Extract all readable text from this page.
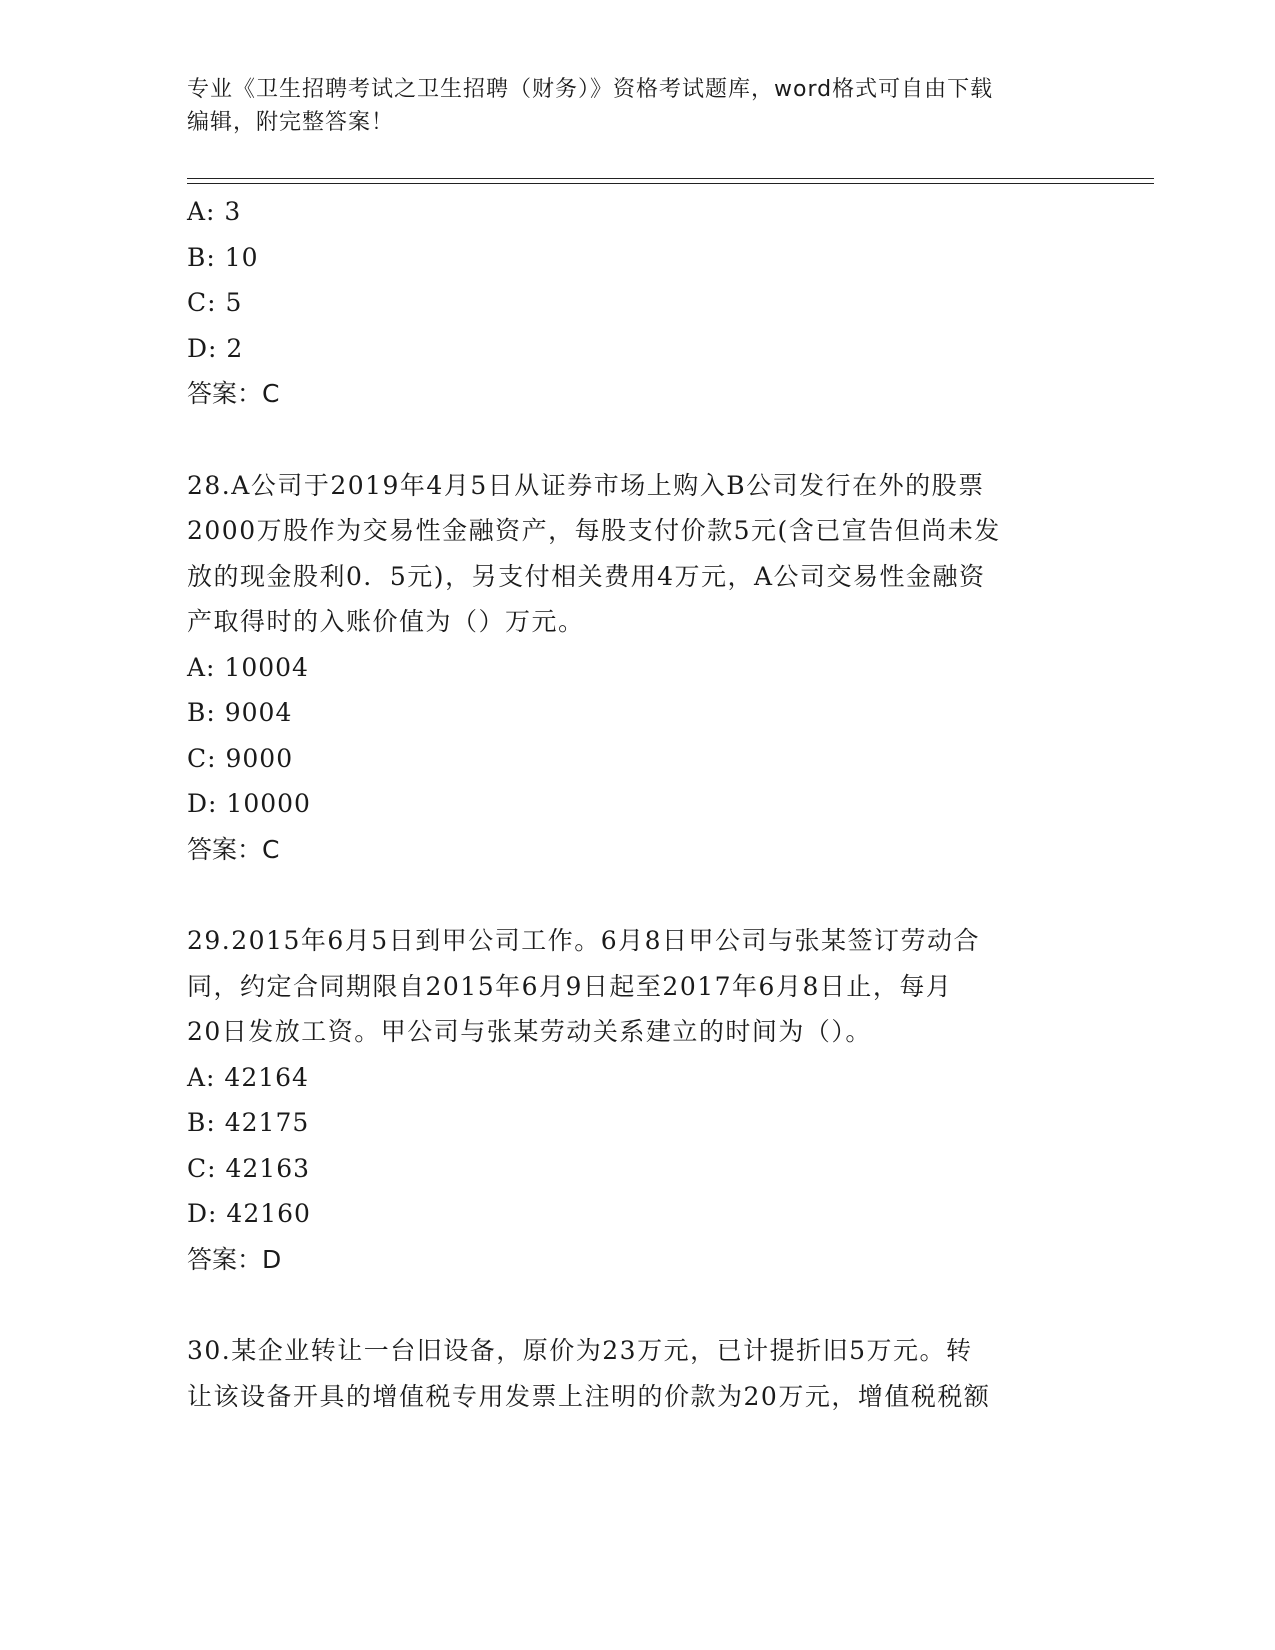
专业《卫生招聘考试之卫生招聘（财务）》资格考试题库，word格式可自由下载
编辑，附完整答案！
A: 3
B: 10
C: 5
D: 2
答案：C
28.A公司于2019年4月5日从证券市场上购入B公司发行在外的股票
2000万股作为交易性金融资产，每股支付价款5元(含已宣告但尚未发
放的现金股利0．5元)，另支付相关费用4万元，A公司交易性金融资
产取得时的入账价值为（）万元。
A: 10004
B: 9004
C: 9000
D: 10000
答案：C
29.2015年6月5日到甲公司工作。6月8日甲公司与张某签订劳动合
同，约定合同期限自2015年6月9日起至2017年6月8日止，每月
20日发放工资。甲公司与张某劳动关系建立的时间为（）。
A: 42164
B: 42175
C: 42163
D: 42160
答案：D
30.某企业转让一台旧设备，原价为23万元，已计提折旧5万元。转
让该设备开具的增值税专用发票上注明的价款为20万元，增值税税额
